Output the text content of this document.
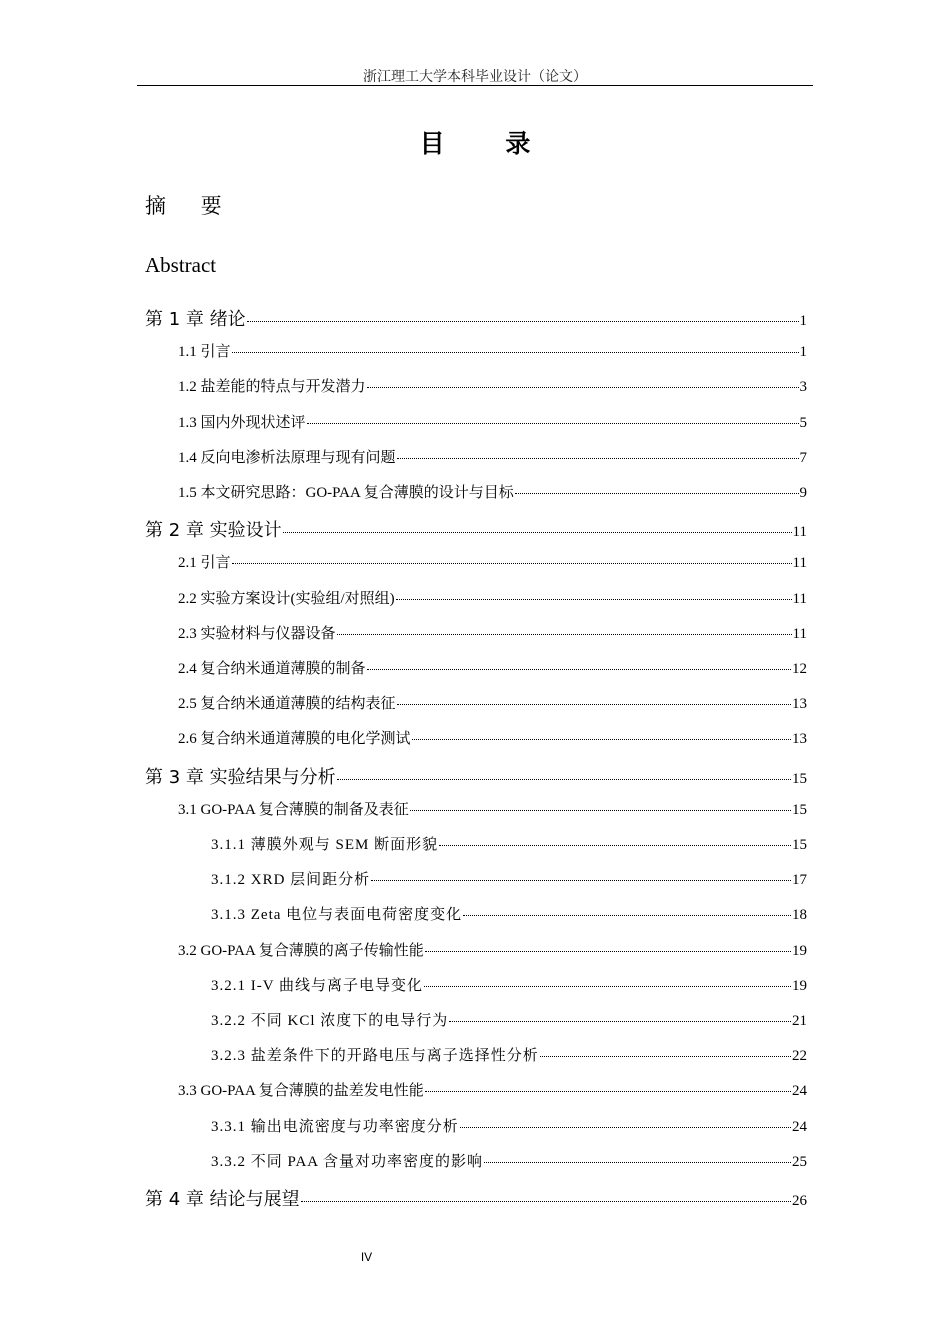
浙江理工大学本科毕业设计（论文）
目 录
摘 要
Abstract
第 1 章 绪论	1
1.1 引言	1
1.2 盐差能的特点与开发潜力	3
1.3 国内外现状述评	5
1.4 反向电渗析法原理与现有问题	7
1.5 本文研究思路：GO-PAA 复合薄膜的设计与目标	9
第 2 章 实验设计	11
2.1 引言	11
2.2 实验方案设计(实验组/对照组)	11
2.3 实验材料与仪器设备	11
2.4 复合纳米通道薄膜的制备	12
2.5 复合纳米通道薄膜的结构表征	13
2.6 复合纳米通道薄膜的电化学测试	13
第 3 章 实验结果与分析	15
3.1 GO-PAA 复合薄膜的制备及表征	15
3.1.1 薄膜外观与 SEM 断面形貌	15
3.1.2 XRD 层间距分析	17
3.1.3 Zeta 电位与表面电荷密度变化	18
3.2 GO-PAA 复合薄膜的离子传输性能	19
3.2.1 I-V 曲线与离子电导变化	19
3.2.2 不同 KCl 浓度下的电导行为	21
3.2.3 盐差条件下的开路电压与离子选择性分析	22
3.3 GO-PAA 复合薄膜的盐差发电性能	24
3.3.1 输出电流密度与功率密度分析	24
3.3.2 不同 PAA 含量对功率密度的影响	25
第 4 章 结论与展望	26
IV
